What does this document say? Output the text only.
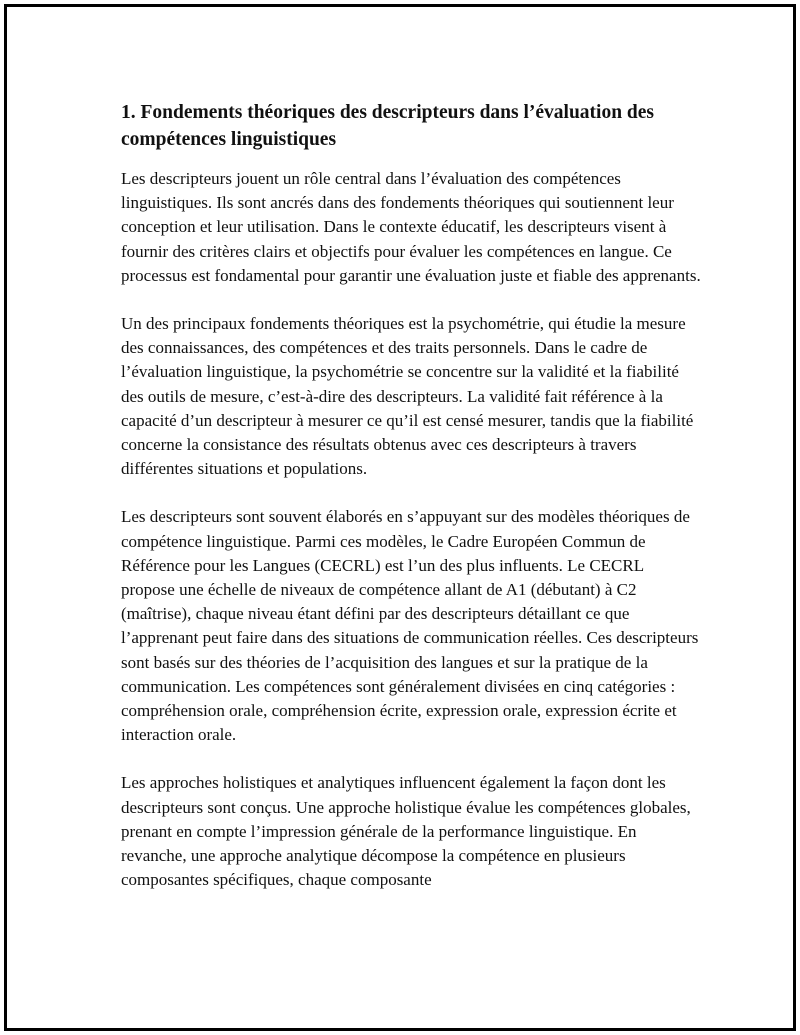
1. Fondements théoriques des descripteurs dans l’évaluation des compétences linguistiques

Les descripteurs jouent un rôle central dans l’évaluation des compétences linguistiques. Ils sont ancrés dans des fondements théoriques qui soutiennent leur conception et leur utilisation. Dans le contexte éducatif, les descripteurs visent à fournir des critères clairs et objectifs pour évaluer les compétences en langue. Ce processus est fondamental pour garantir une évaluation juste et fiable des apprenants.

Un des principaux fondements théoriques est la psychométrie, qui étudie la mesure des connaissances, des compétences et des traits personnels. Dans le cadre de l’évaluation linguistique, la psychométrie se concentre sur la validité et la fiabilité des outils de mesure, c’est-à-dire des descripteurs. La validité fait référence à la capacité d’un descripteur à mesurer ce qu’il est censé mesurer, tandis que la fiabilité concerne la consistance des résultats obtenus avec ces descripteurs à travers différentes situations et populations.

Les descripteurs sont souvent élaborés en s’appuyant sur des modèles théoriques de compétence linguistique. Parmi ces modèles, le Cadre Européen Commun de Référence pour les Langues (CECRL) est l’un des plus influents. Le CECRL propose une échelle de niveaux de compétence allant de A1 (débutant) à C2 (maîtrise), chaque niveau étant défini par des descripteurs détaillant ce que l’apprenant peut faire dans des situations de communication réelles. Ces descripteurs sont basés sur des théories de l’acquisition des langues et sur la pratique de la communication. Les compétences sont généralement divisées en cinq catégories : compréhension orale, compréhension écrite, expression orale, expression écrite et interaction orale.

Les approches holistiques et analytiques influencent également la façon dont les descripteurs sont conçus. Une approche holistique évalue les compétences globales, prenant en compte l’impression générale de la performance linguistique. En revanche, une approche analytique décompose la compétence en plusieurs composantes spécifiques, chaque composante
